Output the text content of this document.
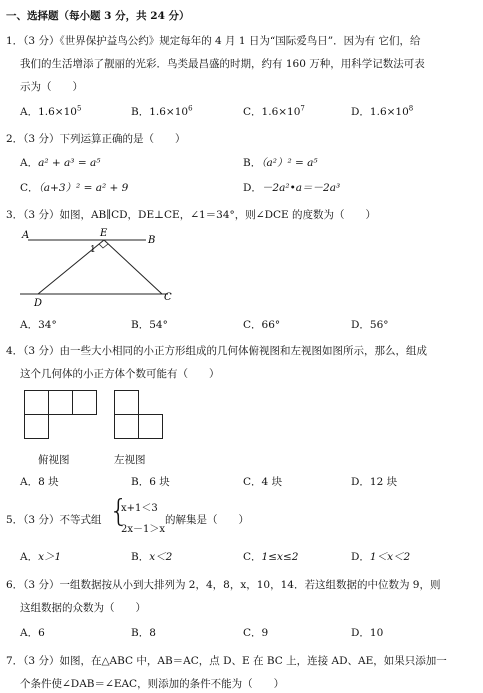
一、选择题（每小题 3 分，共 24 分）
1．（3 分）《世界保护益鸟公约》规定每年的 4 月 1 日为“国际爱鸟日”．因为有 它们，给
我们的生活增添了靓丽的光彩．鸟类最昌盛的时期，约有 160 万种，用科学记数法可表
示为（　　）
A．$1.6\times 10^5$	B．$1.6\times 10^6$	C．$1.6\times 10^7$	D．$1.6\times 10^8$
2．（3 分）下列运算正确的是（　　）
A．a² + a³ = a⁵	B．（a²）² = a⁵
C．（a+3）² = a² + 9	D．－2a²•a＝－2a³
3．（3 分）如图，AB∥CD，DE⊥CE，∠1＝34°，则∠DCE 的度数为（　　）
A	E
B
1
D
C
A．34°	B．54°	C．66°	D．56°
4．（3 分）由一些大小相同的小正方形组成的几何体俯视图和左视图如图所示，那么，组成
这个几何体的小正方体个数可能有（　　）
俯视图	左视图
A．8 块	B．6 块	C．4 块	D．12 块
5．（3 分）不等式组 {
x+1＜3
2x－1＞x
的解集是（　　）
A．x＞1	B．x＜2	C．1≤x≤2	D．1＜x＜2
6．（3 分）一组数据按从小到大排列为 2，4，8，x，10，14．若这组数据的中位数为 9，则
这组数据的众数为（　　）
A．6	B．8	C．9	D．10
7．（3 分）如图，在△ABC 中，AB＝AC，点 D、E 在 BC 上，连接 AD、AE，如果只添加一
个条件使∠DAB＝∠EAC，则添加的条件不能为（　　）
